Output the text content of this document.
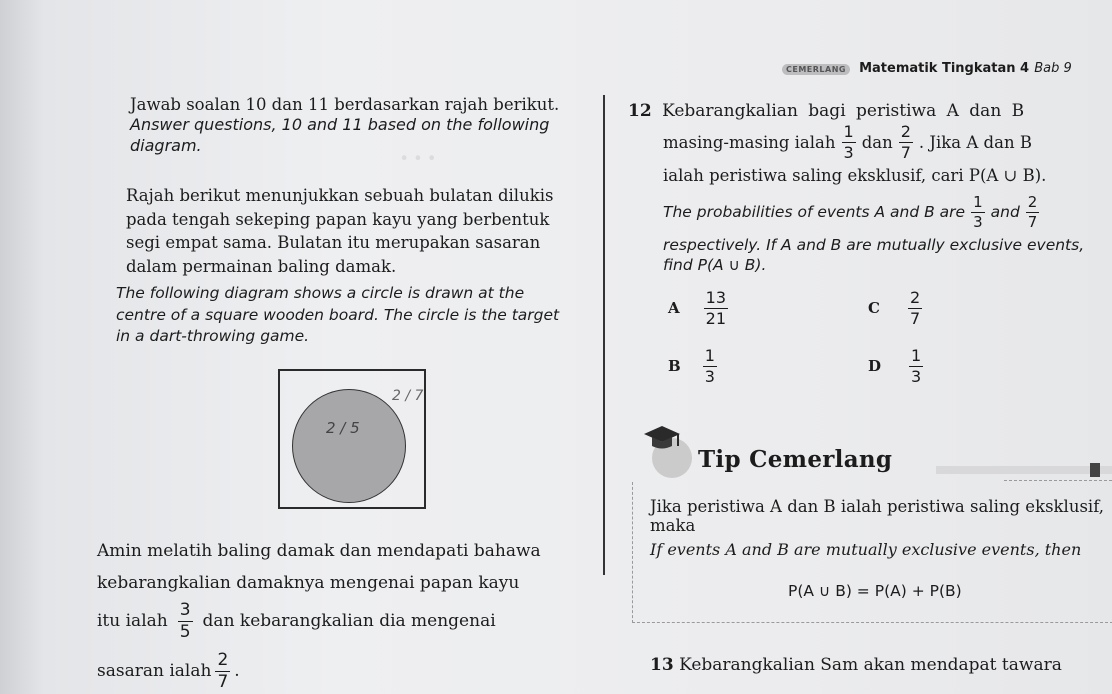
∙ ∙ ∙
CEMERLANG Matematik Tingkatan 4 Bab 9
Jawab soalan 10 dan 11 berdasarkan rajah berikut.
Answer questions, 10 and 11 based on the following
diagram.
Rajah berikut menunjukkan sebuah bulatan dilukis
pada tengah sekeping papan kayu yang berbentuk
segi empat sama. Bulatan itu merupakan sasaran
dalam permainan baling damak.
The following diagram shows a circle is drawn at the
centre of a square wooden board. The circle is the target
in a dart-throwing game.
2 / 5
2 / 7
Amin melatih baling damak dan mendapati bahawa
kebarangkalian damaknya mengenai papan kayu
itu ialah $\frac{3}{5}$ dan kebarangkalian dia mengenai
sasaran ialah $\frac{2}{7}$ .
12 Kebarangkalian bagi peristiwa A dan B
masing-masing ialah $\frac{1}{3}$ dan $\frac{2}{7}$ . Jika A dan B
ialah peristiwa saling eksklusif, cari P(A ∪ B).
The probabilities of events A and B are $\frac{1}{3}$ and $\frac{2}{7}$
respectively. If A and B are mutually exclusive events,
find P(A ∪ B).
A $\frac{13}{21}$	C $\frac{2}{7}$
B $\frac{1}{3}$	D $\frac{1}{3}$
Tip Cemerlang
Jika peristiwa A dan B ialah peristiwa saling eksklusif,
maka
If events A and B are mutually exclusive events, then
P(A ∪ B) = P(A) + P(B)
13 Kebarangkalian Sam akan mendapat tawara
